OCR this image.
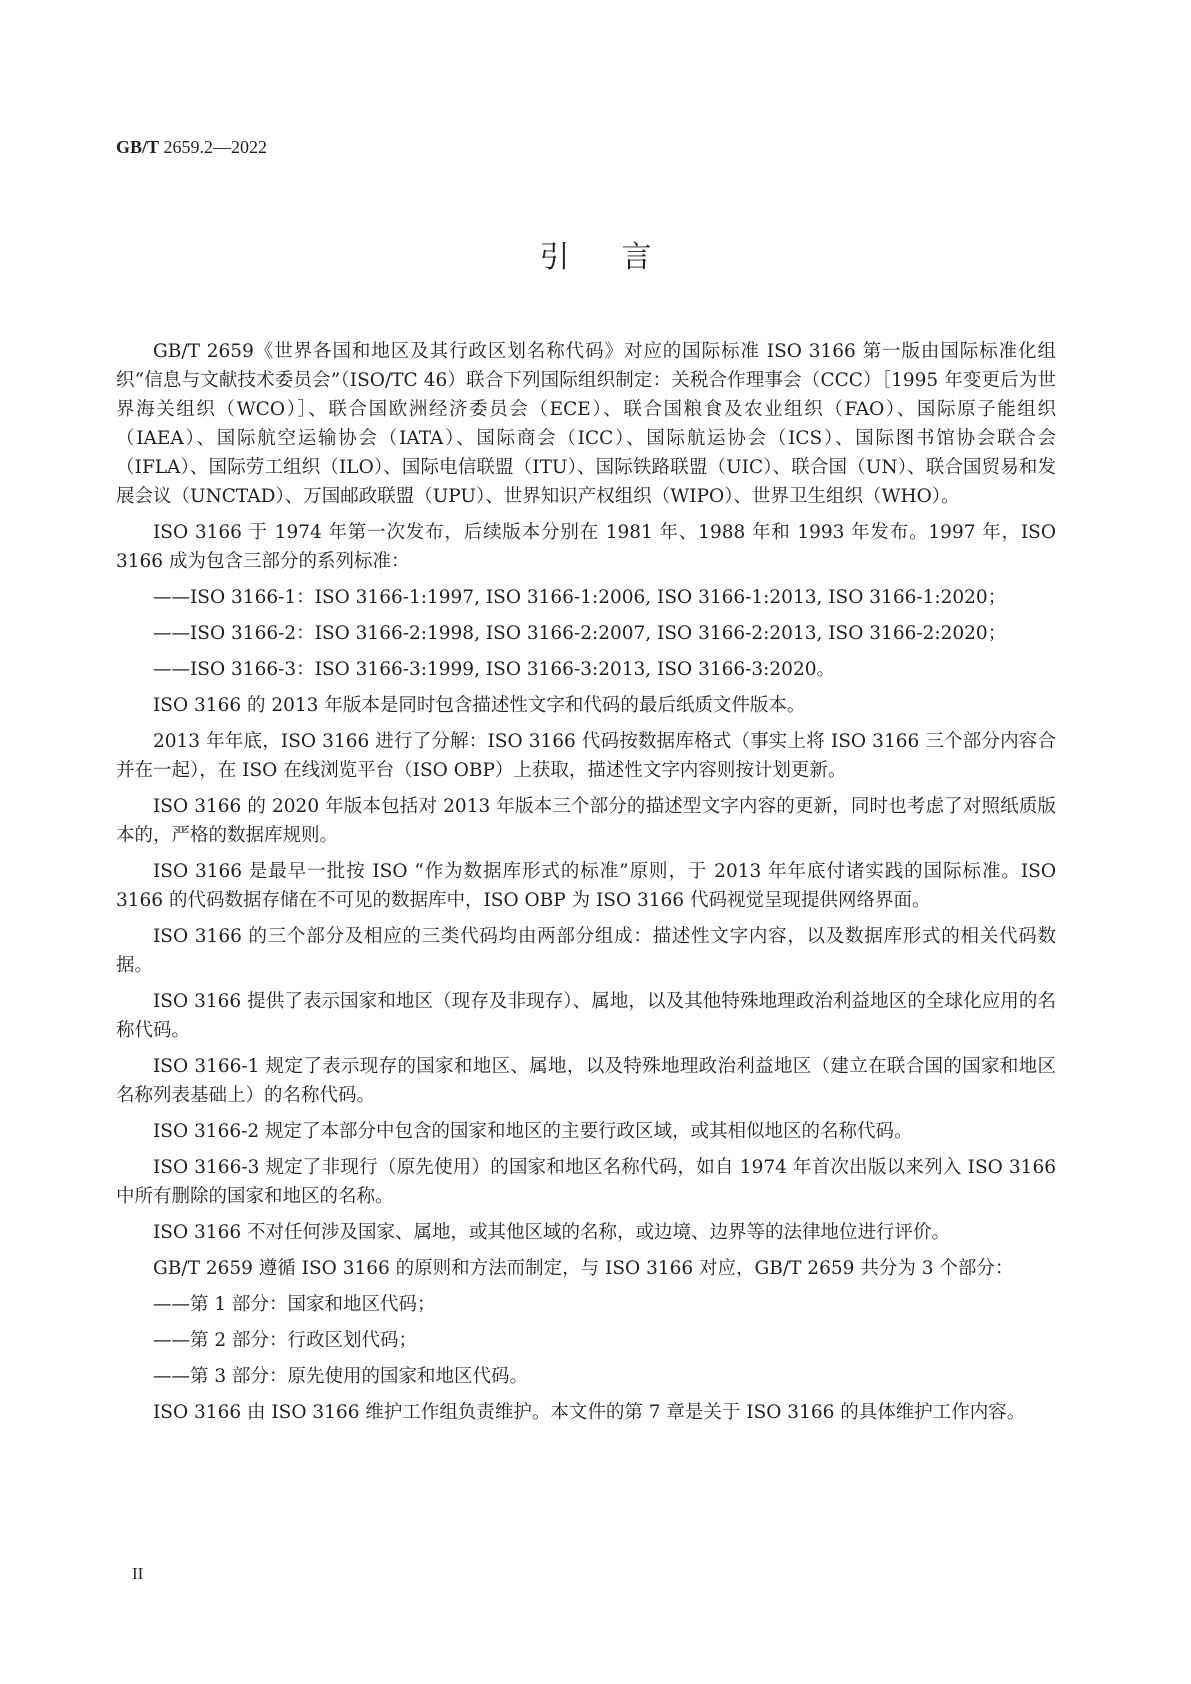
GB/T 2659.2—2022
引言

GB/T 2659《世界各国和地区及其行政区划名称代码》对应的国际标准 ISO 3166 第一版由国际标准化组织“信息与文献技术委员会”（ISO/TC 46）联合下列国际组织制定：关税合作理事会（CCC）［1995 年变更后为世界海关组织（WCO）］、联合国欧洲经济委员会（ECE）、联合国粮食及农业组织（FAO）、国际原子能组织（IAEA）、国际航空运输协会（IATA）、国际商会（ICC）、国际航运协会（ICS）、国际图书馆协会联合会（IFLA）、国际劳工组织（ILO）、国际电信联盟（ITU）、国际铁路联盟（UIC）、联合国（UN）、联合国贸易和发展会议（UNCTAD）、万国邮政联盟（UPU）、世界知识产权组织（WIPO）、世界卫生组织（WHO）。

ISO 3166 于 1974 年第一次发布，后续版本分别在 1981 年、1988 年和 1993 年发布。1997 年，ISO 3166 成为包含三部分的系列标准：

——ISO 3166-1：ISO 3166-1:1997, ISO 3166-1:2006, ISO 3166-1:2013, ISO 3166-1:2020；

——ISO 3166-2：ISO 3166-2:1998, ISO 3166-2:2007, ISO 3166-2:2013, ISO 3166-2:2020；

——ISO 3166-3：ISO 3166-3:1999, ISO 3166-3:2013, ISO 3166-3:2020。

ISO 3166 的 2013 年版本是同时包含描述性文字和代码的最后纸质文件版本。

2013 年年底，ISO 3166 进行了分解：ISO 3166 代码按数据库格式（事实上将 ISO 3166 三个部分内容合并在一起），在 ISO 在线浏览平台（ISO OBP）上获取，描述性文字内容则按计划更新。

ISO 3166 的 2020 年版本包括对 2013 年版本三个部分的描述型文字内容的更新，同时也考虑了对照纸质版本的，严格的数据库规则。

ISO 3166 是最早一批按 ISO “作为数据库形式的标准”原则，于 2013 年年底付诸实践的国际标准。ISO 3166 的代码数据存储在不可见的数据库中，ISO OBP 为 ISO 3166 代码视觉呈现提供网络界面。

ISO 3166 的三个部分及相应的三类代码均由两部分组成：描述性文字内容，以及数据库形式的相关代码数据。

ISO 3166 提供了表示国家和地区（现存及非现存）、属地，以及其他特殊地理政治利益地区的全球化应用的名称代码。

ISO 3166-1 规定了表示现存的国家和地区、属地，以及特殊地理政治利益地区（建立在联合国的国家和地区名称列表基础上）的名称代码。

ISO 3166-2 规定了本部分中包含的国家和地区的主要行政区域，或其相似地区的名称代码。

ISO 3166-3 规定了非现行（原先使用）的国家和地区名称代码，如自 1974 年首次出版以来列入 ISO 3166 中所有删除的国家和地区的名称。

ISO 3166 不对任何涉及国家、属地，或其他区域的名称，或边境、边界等的法律地位进行评价。

GB/T 2659 遵循 ISO 3166 的原则和方法而制定，与 ISO 3166 对应，GB/T 2659 共分为 3 个部分：

——第 1 部分：国家和地区代码；

——第 2 部分：行政区划代码；

——第 3 部分：原先使用的国家和地区代码。

ISO 3166 由 ISO 3166 维护工作组负责维护。本文件的第 7 章是关于 ISO 3166 的具体维护工作内容。

II
